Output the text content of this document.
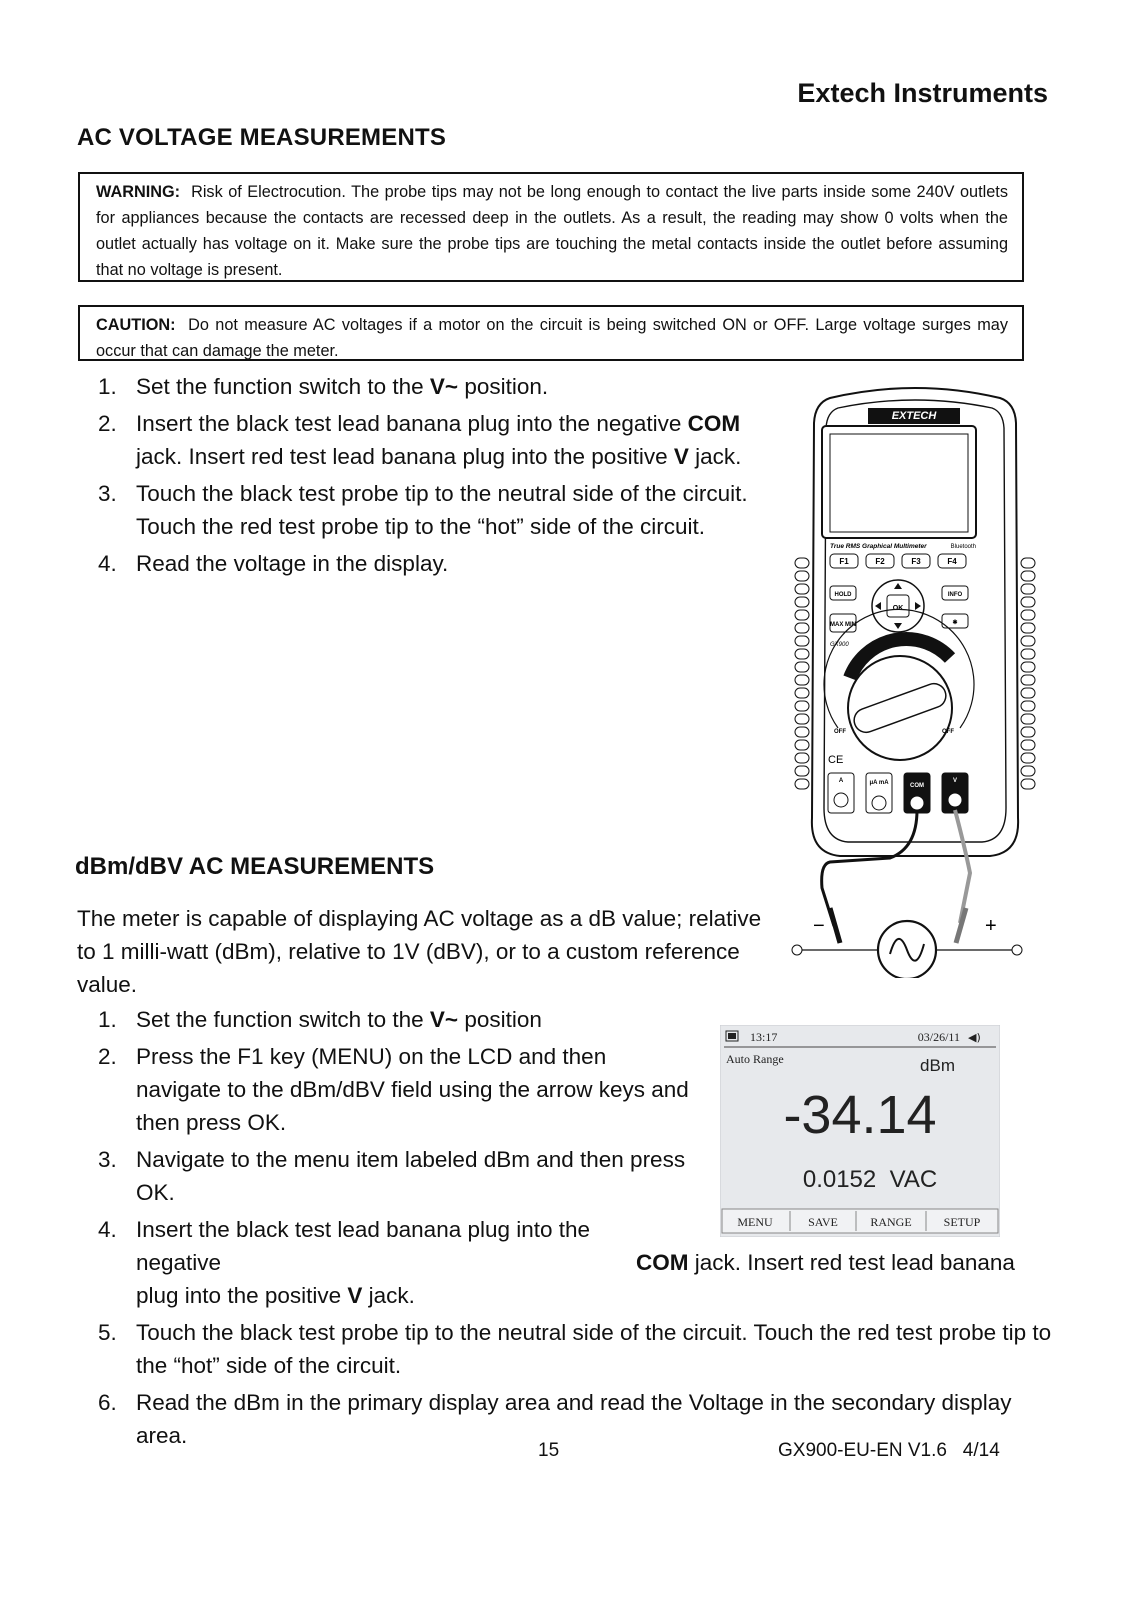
Extech Instruments
AC VOLTAGE MEASUREMENTS
WARNING: Risk of Electrocution. The probe tips may not be long enough to contact the live parts inside some 240V outlets for appliances because the contacts are recessed deep in the outlets. As a result, the reading may show 0 volts when the outlet actually has voltage on it. Make sure the probe tips are touching the metal contacts inside the outlet before assuming that no voltage is present.
CAUTION: Do not measure AC voltages if a motor on the circuit is being switched ON or OFF. Large voltage surges may occur that can damage the meter.
1. Set the function switch to the V~ position.
2. Insert the black test lead banana plug into the negative COM jack. Insert red test lead banana plug into the positive V jack.
3. Touch the black test probe tip to the neutral side of the circuit. Touch the red test probe tip to the “hot” side of the circuit.
4. Read the voltage in the display.
EXTECH
True RMS Graphical Multimeter	Bluetooth
F1	F2	F3	F4
HOLD
MAX MIN
INFO
✱
OK
GX900
OFF	OFF
CE
A	μA mA	COM
V
−	+
dBm/dBV AC MEASUREMENTS
The meter is capable of displaying AC voltage as a dB value; relative to 1 milli-watt (dBm), relative to 1V (dBV), or to a custom reference value.
1. Set the function switch to the V~ position
2. Press the F1 key (MENU) on the LCD and then navigate to the dBm/dBV field using the arrow keys and then press OK.
3. Navigate to the menu item labeled dBm and then press OK.
4. Insert the black test lead banana plug into the negative	COM jack. Insert red test lead banana plug into the positive V jack.
5. Touch the black test probe tip to the neutral side of the circuit. Touch the red test probe tip to the “hot” side of the circuit.
6. Read the dBm in the primary display area and read the Voltage in the secondary display area.
13:17	03/26/11 ◀)
Auto Range	dBm
-34.14
0.0152  VAC
MENU	SAVE	RANGE	SETUP
15	GX900-EU-EN V1.6   4/14
